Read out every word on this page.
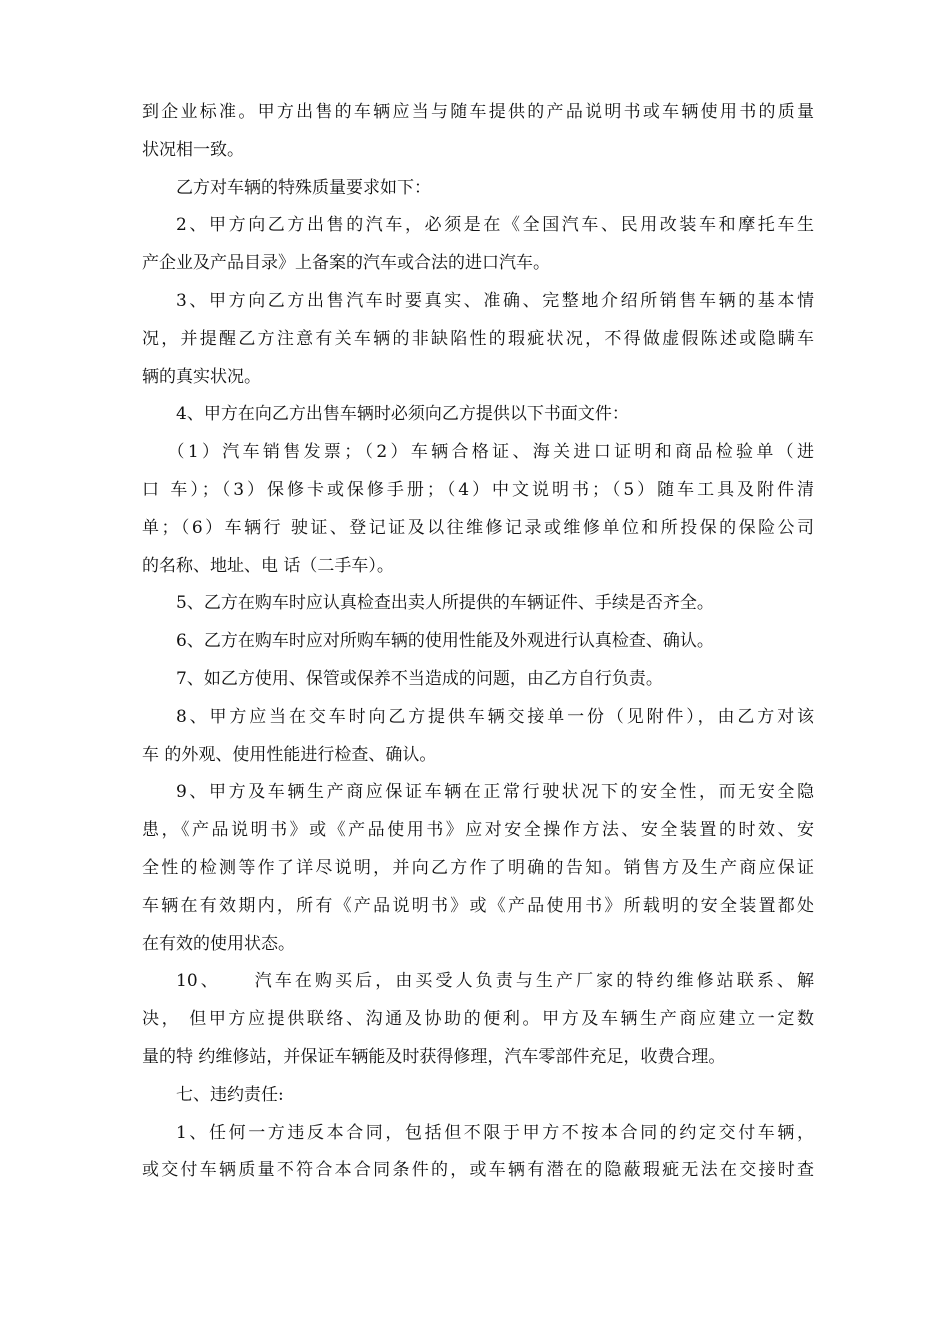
到企业标准。甲方出售的车辆应当与随车提供的产品说明书或车辆使用书的质量
状况相一致。
乙方对车辆的特殊质量要求如下：
2、甲方向乙方出售的汽车，必须是在《全国汽车、民用改装车和摩托车生
产企业及产品目录》上备案的汽车或合法的进口汽车。
3、甲方向乙方出售汽车时要真实、准确、完整地介绍所销售车辆的基本情
况，并提醒乙方注意有关车辆的非缺陷性的瑕疵状况，不得做虚假陈述或隐瞒车
辆的真实状况。
4、甲方在向乙方出售车辆时必须向乙方提供以下书面文件：
（1）汽车销售发票；（2）车辆合格证、海关进口证明和商品检验单（进
口 车）；（3）保修卡或保修手册；（4）中文说明书；（5）随车工具及附件清
单；（6）车辆行 驶证、登记证及以往维修记录或维修单位和所投保的保险公司
的名称、地址、电 话（二手车）。
5、乙方在购车时应认真检查出卖人所提供的车辆证件、手续是否齐全。
6、乙方在购车时应对所购车辆的使用性能及外观进行认真检查、确认。
7、如乙方使用、保管或保养不当造成的问题，由乙方自行负责。
8、甲方应当在交车时向乙方提供车辆交接单一份（见附件），由乙方对该
车 的外观、使用性能进行检查、确认。
9、甲方及车辆生产商应保证车辆在正常行驶状况下的安全性，而无安全隐
患，《产品说明书》或《产品使用书》应对安全操作方法、安全装置的时效、安
全性的检测等作了详尽说明，并向乙方作了明确的告知。销售方及生产商应保证
车辆在有效期内，所有《产品说明书》或《产品使用书》所载明的安全装置都处
在有效的使用状态。
10、    汽车在购买后，由买受人负责与生产厂家的特约维修站联系、解
决， 但甲方应提供联络、沟通及协助的便利。甲方及车辆生产商应建立一定数
量的特 约维修站，并保证车辆能及时获得修理，汽车零部件充足，收费合理。
七、违约责任:
1、任何一方违反本合同，包括但不限于甲方不按本合同的约定交付车辆，
或交付车辆质量不符合本合同条件的，或车辆有潜在的隐蔽瑕疵无法在交接时查
